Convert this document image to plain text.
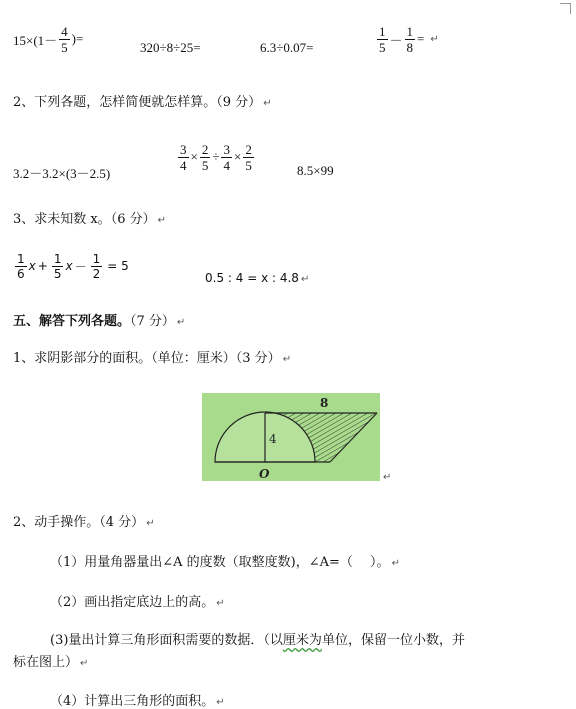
$15\times(1- \frac{4}{5}$ )=
320÷8÷25=	6.3÷0.07=	$\frac{1}{5} - \frac{1}{8}$ = ↵
2、下列各题，怎样简便就怎样算。（9 分） ↵
3.2－3.2×(3－2.5)
$\frac{3}{4} \times \frac{2}{5} \div \frac{3}{4} \times \frac{2}{5}$	8.5×99
3、求未知数 x。（6 分） ↵
$\frac{1}{6}$ $x + \frac{1}{5}$ $x - \frac{1}{2} = 5$
0.5 : 4 = x : 4.8 ↵
五、解答下列各题。（7 分） ↵
1、求阴影部分的面积。（单位：厘米）（3 分） ↵
8
4
O	↵
2、动手操作。（4 分） ↵
（1）用量角器量出∠A 的度数（取整度数)，∠A=（　 ）。 ↵
（2）画出指定底边上的高。 ↵
(3)量出计算三角形面积需要的数据．（以厘米为单位，保留一位小数，并
标在图上） ↵
（4）计算出三角形的面积。 ↵
